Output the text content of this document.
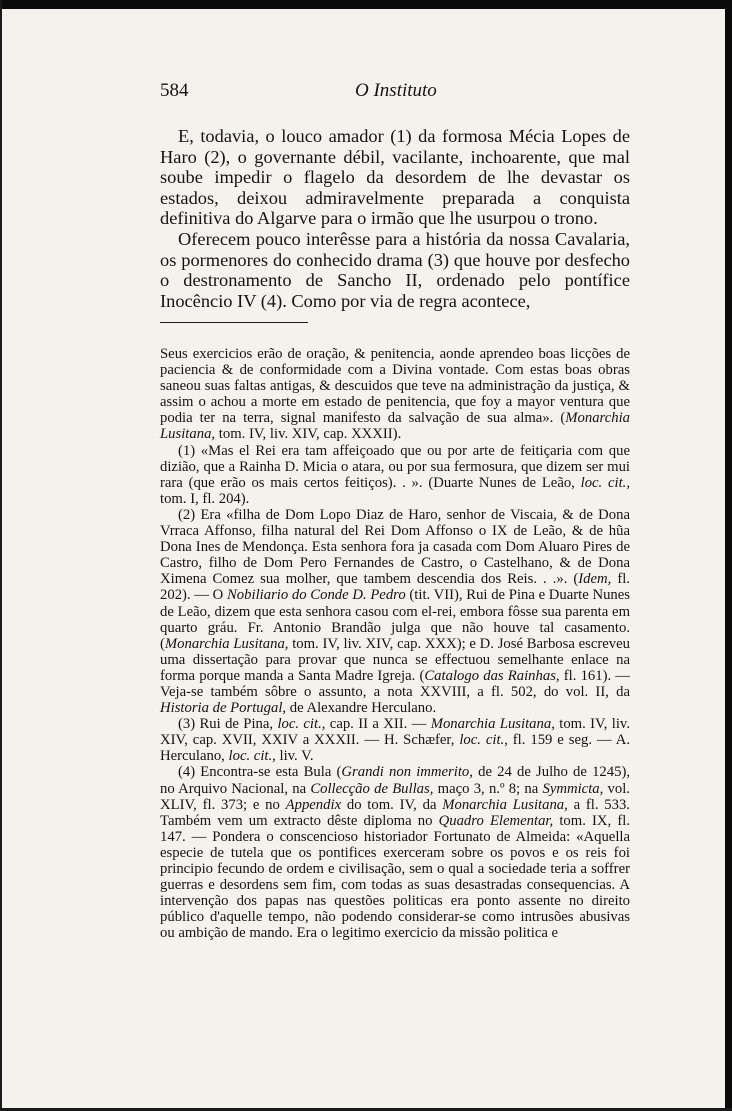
584	O Instituto

E, todavia, o louco amador (1) da formosa Mécia Lopes de Haro (2), o governante débil, vacilante, inchoarente, que mal soube impedir o flagelo da desordem de lhe devastar os estados, deixou admiravelmente preparada a conquista definitiva do Algarve para o irmão que lhe usurpou o trono.

Oferecem pouco interêsse para a história da nossa Cavalaria, os pormenores do conhecido drama (3) que houve por desfecho o destronamento de Sancho II, ordenado pelo pontífice Inocêncio IV (4). Como por via de regra acontece,

Seus exercicios erão de oração, & penitencia, aonde aprendeo boas licções de paciencia & de conformidade com a Divina vontade. Com estas boas obras saneou suas faltas antigas, & descuidos que teve na administração da justiça, & assim o achou a morte em estado de penitencia, que foy a mayor ventura que podia ter na terra, signal manifesto da salvação de sua alma». (Monarchia Lusitana, tom. IV, liv. XIV, cap. XXXII).

(1) «Mas el Rei era tam affeiçoado que ou por arte de feitiçaria com que dizião, que a Rainha D. Micia o atara, ou por sua fermosura, que dizem ser mui rara (que erão os mais certos feitiços). . ». (Duarte Nunes de Leão, loc. cit., tom. I, fl. 204).

(2) Era «filha de Dom Lopo Diaz de Haro, senhor de Viscaia, & de Dona Vrraca Affonso, filha natural del Rei Dom Affonso o IX de Leão, & de hũa Dona Ines de Mendonça. Esta senhora fora ja casada com Dom Aluaro Pires de Castro, filho de Dom Pero Fernandes de Castro, o Castelhano, & de Dona Ximena Comez sua molher, que tambem descendia dos Reis. . .». (Idem, fl. 202). — O Nobiliario do Conde D. Pedro (tit. VII), Rui de Pina e Duarte Nunes de Leão, dizem que esta senhora casou com el-rei, embora fôsse sua parenta em quarto gráu. Fr. Antonio Brandão julga que não houve tal casamento. (Monarchia Lusitana, tom. IV, liv. XIV, cap. XXX); e D. José Barbosa escreveu uma dissertação para provar que nunca se effectuou semelhante enlace na forma porque manda a Santa Madre Igreja. (Catalogo das Rainhas, fl. 161). — Veja-se também sôbre o assunto, a nota XXVIII, a fl. 502, do vol. II, da Historia de Portugal, de Alexandre Herculano.

(3) Rui de Pina, loc. cit., cap. II a XII. — Monarchia Lusitana, tom. IV, liv. XIV, cap. XVII, XXIV a XXXII. — H. Schæfer, loc. cit., fl. 159 e seg. — A. Herculano, loc. cit., liv. V.

(4) Encontra-se esta Bula (Grandi non immerito, de 24 de Julho de 1245), no Arquivo Nacional, na Collecção de Bullas, maço 3, n.º 8; na Symmicta, vol. XLIV, fl. 373; e no Appendix do tom. IV, da Monarchia Lusitana, a fl. 533. Também vem um extracto dêste diploma no Quadro Elementar, tom. IX, fl. 147. — Pondera o conscencioso historiador Fortunato de Almeida: «Aquella especie de tutela que os pontifices exerceram sobre os povos e os reis foi principio fecundo de ordem e civilisação, sem o qual a sociedade teria a soffrer guerras e desordens sem fim, com todas as suas desastradas consequencias. A intervenção dos papas nas questões politicas era ponto assente no direito público d'aquelle tempo, não podendo considerar-se como intrusões abusivas ou ambição de mando. Era o legitimo exercicio da missão politica e
